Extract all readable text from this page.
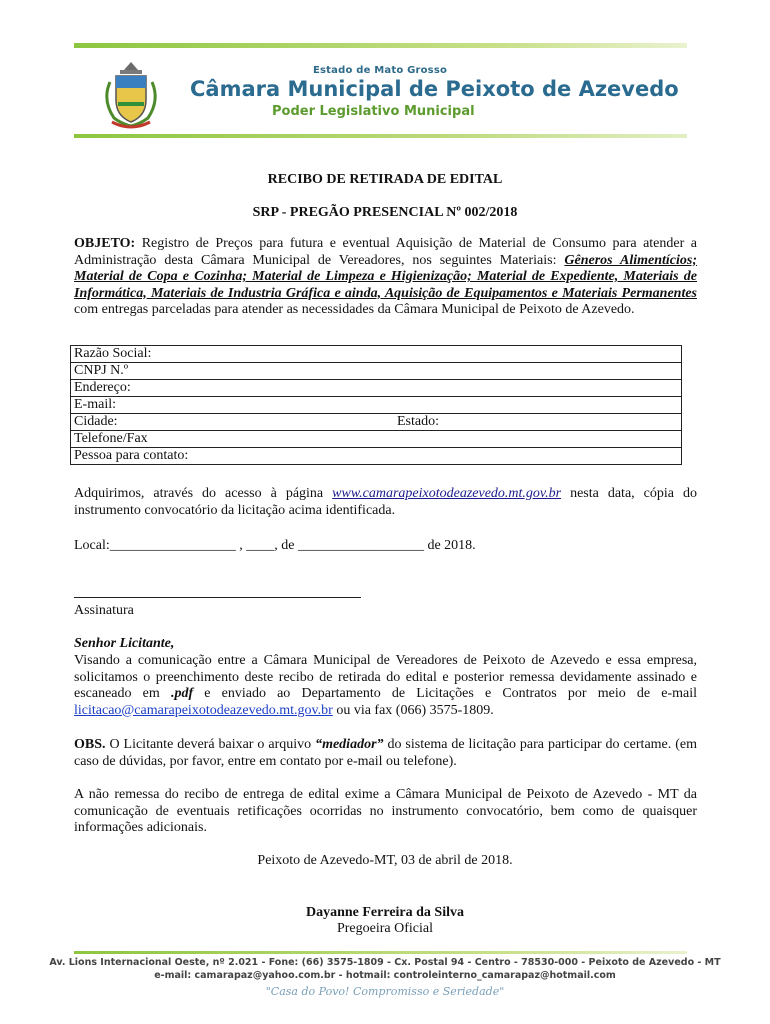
Estado de Mato Grosso
Câmara Municipal de Peixoto de Azevedo
Poder Legislativo Municipal
RECIBO DE RETIRADA DE EDITAL
SRP - PREGÃO PRESENCIAL Nº 002/2018
OBJETO: Registro de Preços para futura e eventual Aquisição de Material de Consumo para atender a Administração desta Câmara Municipal de Vereadores, nos seguintes Materiais: Gêneros Alimentícios; Material de Copa e Cozinha; Material de Limpeza e Higienização; Material de Expediente, Materiais de Informática, Materiais de Industria Gráfica e ainda, Aquisição de Equipamentos e Materiais Permanentes com entregas parceladas para atender as necessidades da Câmara Municipal de Peixoto de Azevedo.
Razão Social:
CNPJ N.º
Endereço:
E-mail:
Cidade:	Estado:
Telefone/Fax
Pessoa para contato:
Adquirimos, através do acesso à página www.camarapeixotodeazevedo.mt.gov.br nesta data, cópia do instrumento convocatório da licitação acima identificada.
Local:__________________ , ____, de __________________ de 2018.
Assinatura
Senhor Licitante,
Visando a comunicação entre a Câmara Municipal de Vereadores de Peixoto de Azevedo e essa empresa, solicitamos o preenchimento deste recibo de retirada do edital e posterior remessa devidamente assinado e escaneado em .pdf e enviado ao Departamento de Licitações e Contratos por meio de e-mail licitacao@camarapeixotodeazevedo.mt.gov.br ou via fax (066) 3575-1809.
OBS. O Licitante deverá baixar o arquivo “mediador” do sistema de licitação para participar do certame. (em caso de dúvidas, por favor, entre em contato por e-mail ou telefone).
A não remessa do recibo de entrega de edital exime a Câmara Municipal de Peixoto de Azevedo - MT da comunicação de eventuais retificações ocorridas no instrumento convocatório, bem como de quaisquer informações adicionais.
Peixoto de Azevedo-MT, 03 de abril de 2018.
Dayanne Ferreira da Silva
Pregoeira Oficial
Av. Lions Internacional Oeste, nº 2.021 - Fone: (66) 3575-1809 - Cx. Postal 94 - Centro - 78530-000 - Peixoto de Azevedo - MT
e-mail: camarapaz@yahoo.com.br - hotmail: controleinterno_camarapaz@hotmail.com
"Casa do Povo! Compromisso e Seriedade"
